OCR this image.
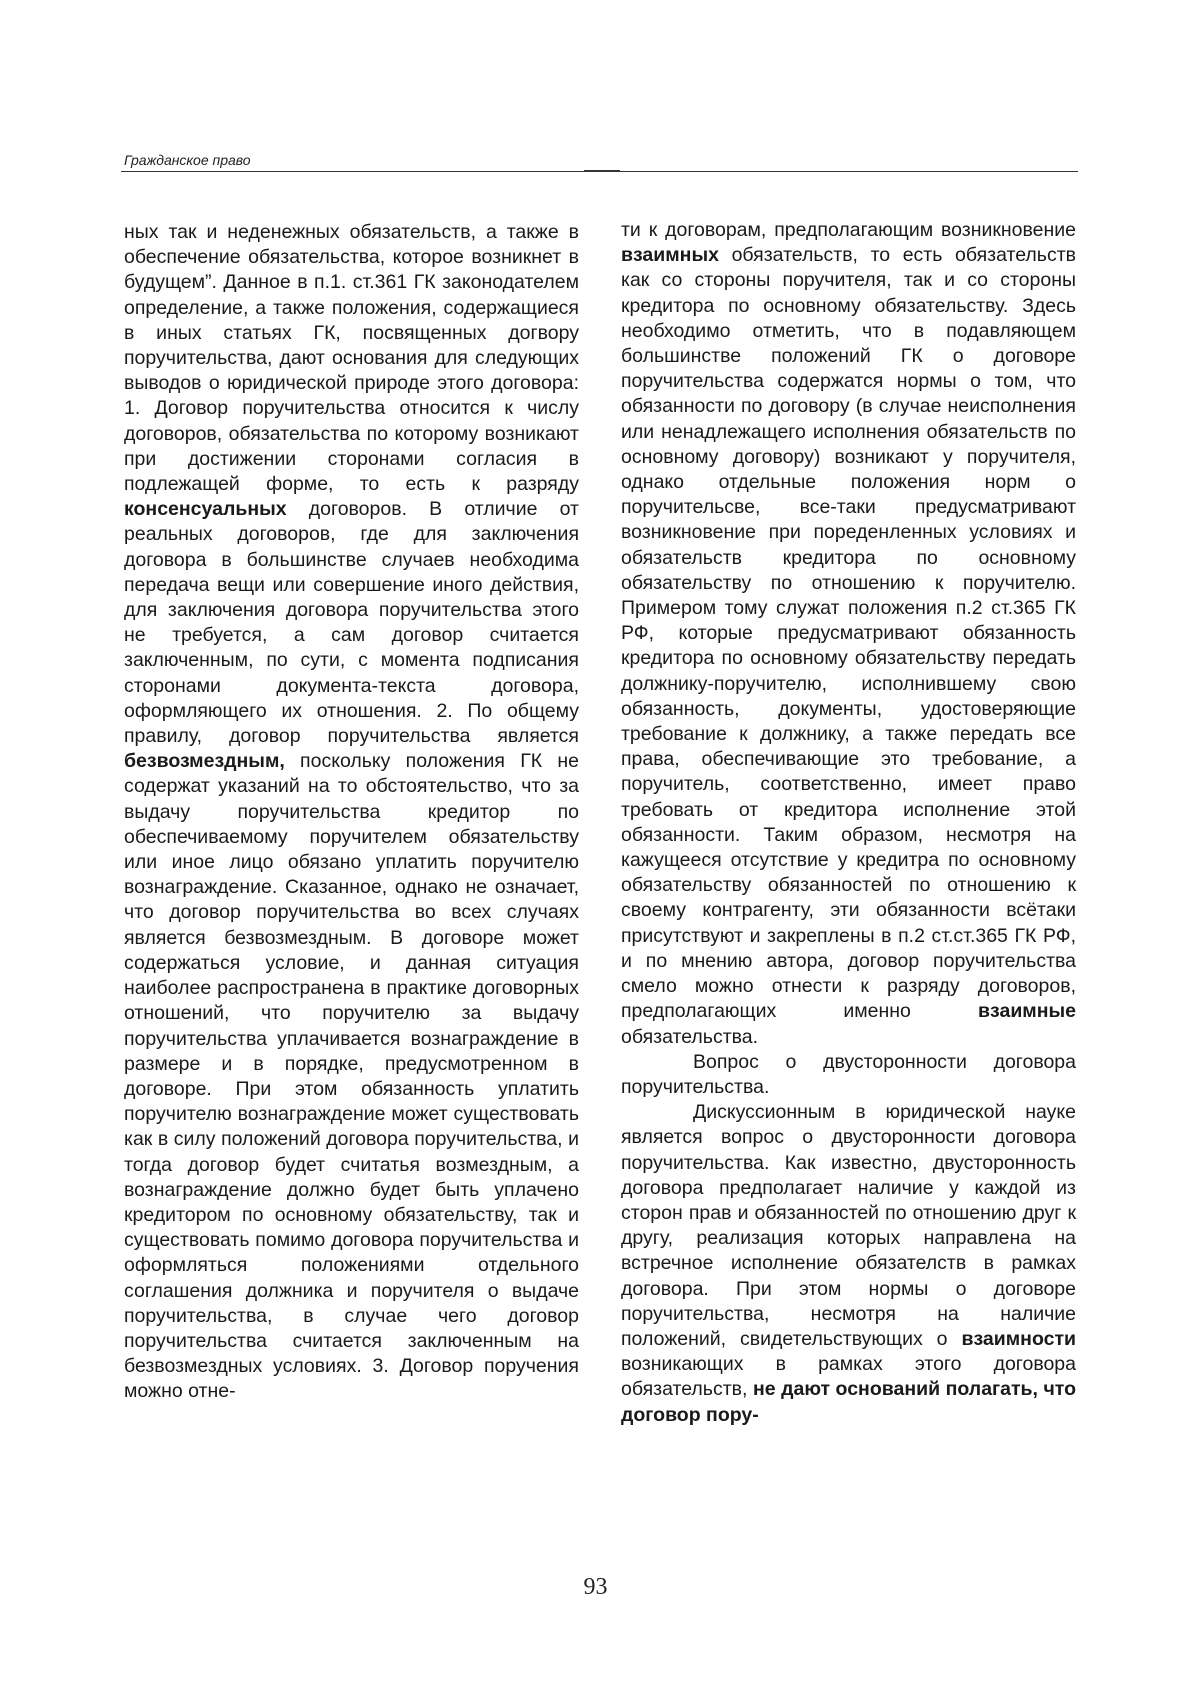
Гражданское право

ных так и неденежных обязательств, а также в обеспечение обязательства, которое возникнет в будущем”. Данное в п.1. ст.361 ГК законодателем определение, а также положения, содержащиеся в иных статьях ГК, посвященных догвору поручительства, дают основания для следующих выводов о юридической природе этого договора: 1. Договор поручительства относится к числу договоров, обязательства по которому возникают при достижении сторонами согласия в подлежащей форме, то есть к разряду консенсуальных договоров. В отличие от реальных договоров, где для заключения договора в большинстве случаев необходима передача вещи или совершение иного действия, для заключения договора поручительства этого не требуется, а сам договор считается заключенным, по сути, с момента подписания сторонами документа-текста договора, оформляющего их отношения. 2. По общему правилу, договор поручительства является безвозмездным, поскольку положения ГК не содержат указаний на то обстоятельство, что за выдачу поручительства кредитор по обеспечиваемому поручителем обязательству или иное лицо обязано уплатить поручителю вознаграждение. Сказанное, однако не означает, что договор поручительства во всех случаях является безвозмездным. В договоре может содержаться условие, и данная ситуация наиболее распространена в практике договорных отношений, что поручителю за выдачу поручительства уплачивается вознаграждение в размере и в порядке, предусмотренном в договоре. При этом обязанность уплатить поручителю вознаграждение может существовать как в силу положений договора поручительства, и тогда договор будет считатья возмездным, а вознаграждение должно будет быть уплачено кредитором по основному обязательству, так и существовать помимо договора поручительства и оформляться положениями отдельного соглашения должника и поручителя о выдаче поручительства, в случае чего договор поручительства считается заключенным на безвозмездных условиях. 3. Договор поручения можно отне-

ти к договорам, предполагающим возникновение взаимных обязательств, то есть обязательств как со стороны поручителя, так и со стороны кредитора по основному обязательству. Здесь необходимо отметить, что в подавляющем большинстве положений ГК о договоре поручительства содержатся нормы о том, что обязанности по договору (в случае неисполнения или ненадлежащего исполнения обязательств по основному договору) возникают у поручителя, однако отдельные положения норм о поручительсве, все-таки предусматривают возникновение при пореденленных условиях и обязательств кредитора по основному обязательству по отношению к поручителю. Примером тому служат положения п.2 ст.365 ГК РФ, которые предусматривают обязанность кредитора по основному обязательству передать должнику-поручителю, исполнившему свою обязанность, документы, удостоверяющие требование к должнику, а также передать все права, обеспечивающие это требование, а поручитель, соответственно, имеет право требовать от кредитора исполнение этой обязанности. Таким образом, несмотря на кажущееся отсутствие у кредитра по основному обязательству обязанностей по отношению к своему контрагенту, эти обязанности всётаки присутствуют и закреплены в п.2 ст.ст.365 ГК РФ, и по мнению автора, договор поручительства смело можно отнести к разряду договоров, предполагающих именно	взаимные обязательства.

Вопрос о двусторонности договора поручительства.

Дискуссионным в юридической науке является вопрос о двусторонности договора поручительства. Как известно, двусторонность договора предполагает наличие у каждой из сторон прав и обязанностей по отношению друг к другу, реализация которых направлена на встречное исполнение обязателств в рамках договора. При этом нормы о договоре поручительства, несмотря на наличие положений, свидетельствующих о взаимности возникающих в рамках этого договора обязательств, не дают оснований полагать, что договор пору-

93
